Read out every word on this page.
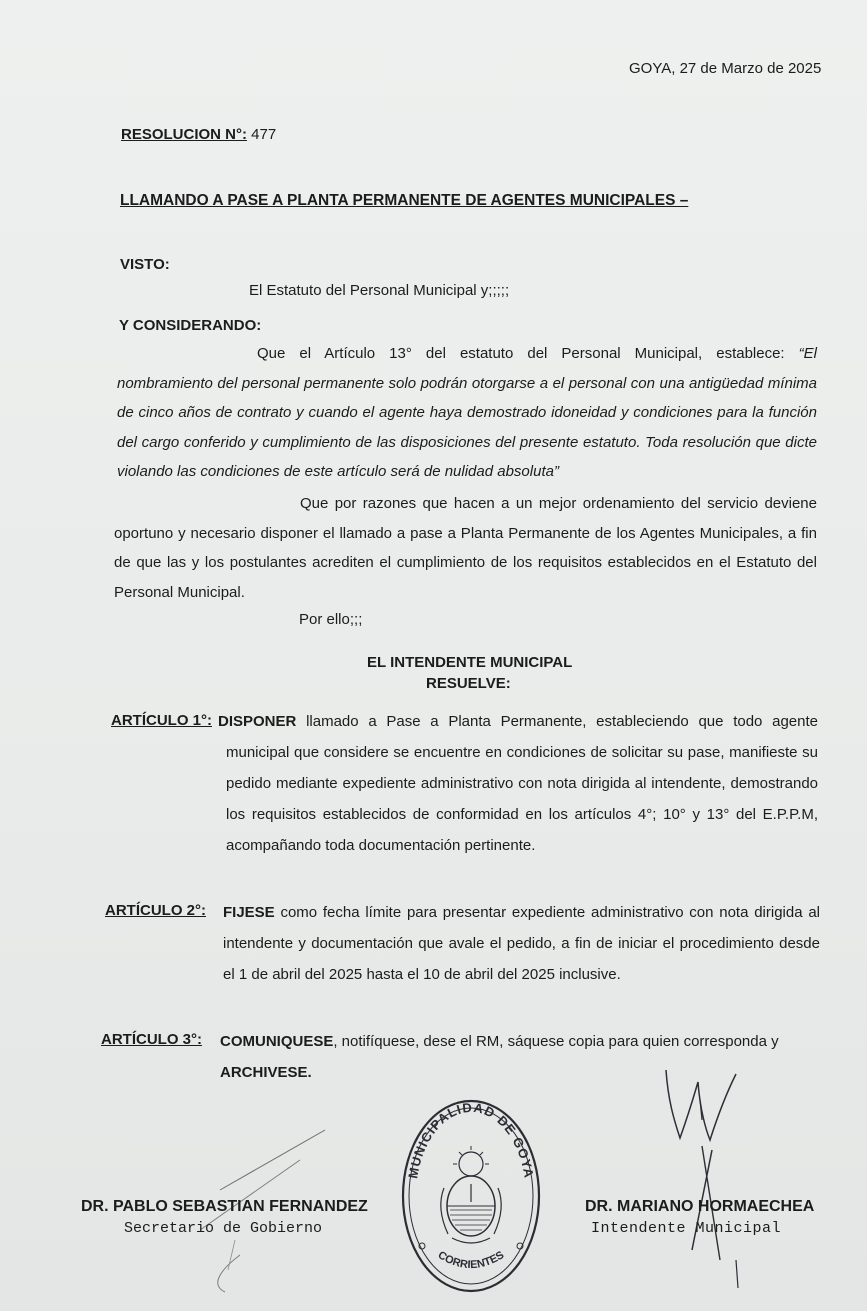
GOYA, 27 de Marzo de 2025
RESOLUCION N°: 477
LLAMANDO A PASE A PLANTA PERMANENTE DE AGENTES MUNICIPALES –
VISTO:
El Estatuto del Personal Municipal y;;;;;
Y CONSIDERANDO:
Que el Artículo 13° del estatuto del Personal Municipal, establece: “El nombramiento del personal permanente solo podrán otorgarse a el personal con una antigüedad mínima de cinco años de contrato y cuando el agente haya demostrado idoneidad y condiciones para la función del cargo conferido y cumplimiento de las disposiciones del presente estatuto. Toda resolución que dicte violando las condiciones de este artículo será de nulidad absoluta”
Que por razones que hacen a un mejor ordenamiento del servicio deviene oportuno y necesario disponer el llamado a pase a Planta Permanente de los Agentes Municipales, a fin de que las y los postulantes acrediten el cumplimiento de los requisitos establecidos en el Estatuto del Personal Municipal.
Por ello;;;
EL INTENDENTE MUNICIPAL
RESUELVE:
ARTÍCULO 1°: DISPONER llamado a Pase a Planta Permanente, estableciendo que todo agente municipal que considere se encuentre en condiciones de solicitar su pase, manifieste su pedido mediante expediente administrativo con nota dirigida al intendente, demostrando los requisitos establecidos de conformidad en los artículos 4°; 10° y 13° del E.P.P.M, acompañando toda documentación pertinente.
ARTÍCULO 2°: FIJESE como fecha límite para presentar expediente administrativo con nota dirigida al intendente y documentación que avale el pedido, a fin de iniciar el procedimiento desde el 1 de abril del 2025 hasta el 10 de abril del 2025 inclusive.
ARTÍCULO 3°: COMUNIQUESE, notifíquese, dese el RM, sáquese copia para quien corresponda y
ARCHIVESE.
MUNICIPALIDAD DE GOYA
CORRIENTES
DR. PABLO SEBASTIAN FERNANDEZ
Secretario de Gobierno
DR. MARIANO HORMAECHEA
Intendente Municipal
